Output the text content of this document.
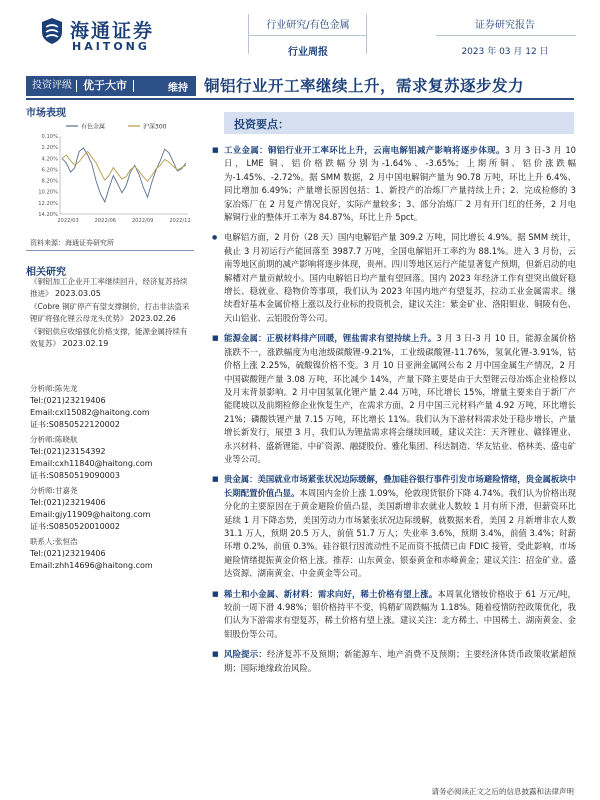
海通证券
HAITONG
行业研究/有色金属
行业周报
证券研究报告
2023 年 03 月 12 日
投资评级	优于大市	维持	铜铝行业开工率继续上升，需求复苏逐步发力
市场表现
有色金属	沪深300
0.10%
2.20%
4.20%
6.20%
8.20%
10.20%
12.20%
14.20%
2022/03	2022/06	2022/09	2022/12
资料来源：海通证券研究所
相关研究
《铜铝加工企业开工率继续回升，经济复苏持续推进》 2023.03.05
《Cobre 铜矿停产有望支撑铜价，打击非法盗采锂矿将强化锂云母龙头优势》 2023.02.26
《铜铝供应收缩强化价格支撑，能源金属持续有效复苏》 2023.02.19
分析师:陈先龙
Tel:(021)23219406
Email:cxl15082@haitong.com
证书:S0850522120002
分析师:陈晓航
Tel:(021)23154392
Email:cxh11840@haitong.com
证书:S0850519090003
分析师:甘嘉尧
Tel:(021)23219406
Email:gjy11909@haitong.com
证书:S0850520010002
联系人:张恒浩
Tel:(021)23219406
Email:zhh14696@haitong.com
投资要点：
■ 工业金属：铜铝行业开工率环比上升，云南电解铝减产影响将逐步体现。3 月 3 日-3 月 10 日，LME 铜、铝价格跌幅分别为-1.64%、-3.65%；上期所铜、铝价涨跌幅为-1.45%、-2.72%。据 SMM 数据，2 月中国电解铜产量为 90.78 万吨，环比上升 6.4%、同比增加 6.49%；产量增长原因包括：1、新投产的冶炼厂产量持续上升；2、完成检修的 3 家冶炼厂在 2 月复产情况良好，实际产量较多；3、部分冶炼厂 2 月有开门红的任务，2 月电解铜行业的整体开工率为 84.87%，环比上升 5pct。
● 电解铝方面，2 月份（28 天）国内电解铝产量 309.2 万吨，同比增长 4.9%。据 SMM 统计，截止 3 月初运行产能回落至 3987.7 万吨，全国电解铝开工率约为 88.1%。进入 3 月份，云南等地区前期的减产影响将逐步体现，贵州、四川等地区运行产能显著复产预期，但新启动的电解槽对产量贡献较小。国内电解铝日均产量有望回落。国内 2023 年经济工作有望突出做好稳增长、稳就业、稳物价等事项，我们认为 2023 年国内地产有望复苏，拉动工业金属需求。继续看好基本金属价格上涨以及行业标的投资机会，建议关注：紫金矿业、洛阳钼业、铜陵有色、天山铝业、云铝股份等公司。
■ 能源金属：正极材料排产回暖，锂盐需求有望持续上升。3 月 3 日-3 月 10 日，能源金属价格涨跌不一，涨跌幅度为电池级碳酸锂-9.21%，工业级碳酸锂-11.76%，氢氧化锂-3.91%，钴价格上涨 2.25%，硫酸镍价格不变。3 月 10 日亚洲金属网公布 2 月中国金属生产情况，2 月中国碳酸锂产量 3.08 万吨，环比减少 14%，产量下降主要是由于大型锂云母冶炼企业检修以及月末背景影响。2 月中国氢氧化锂产量 2.44 万吨，环比增长 15%，增量主要来自于新厂产能爬坡以及前期检修企业恢复生产，在需求方面，2 月中国三元材料产量 4.92 万吨，环比增长 21%；磷酸铁锂产量 7.15 万吨，环比增长 11%。我们认为下游材料需求处于稳步增长，产量增长新发行，展望 3 月，我们认为锂盐需求将会继续回暖，建议关注：天齐锂业、赣锋锂业、永兴材料、盛新锂能、中矿资源、融捷股份、雅化集团、科达制造、华友钴业、格林美、盛屯矿业等公司。
■ 贵金属：美国就业市场紧张状况边际缓解，叠加硅谷银行事件引发市场避险情绪，贵金属板块中长期配置价值凸显。本周国内金价上涨 1.09%，伦敦现货银价下降 4.74%。我们认为价格出现分化的主要原因在于黄金避险价值凸显，美国新增非农就业人数较 1 月有所下滑，但薪资环比延续 1 月下降态势，美国劳动力市场紧张状况边际缓解，就数据来看，美国 2 月新增非农人数 31.1 万人，预期 20.5 万人，前值 51.7 万人；失业率 3.6%，预期 3.4%，前值 3.4%；时薪环增 0.2%，前值 0.3%。硅谷银行因流动性不足而资不抵债已由 FDIC 接管，受此影响，市场避险情绪提振黄金价格上涨。推荐：山东黄金、银泰黄金和赤峰黄金；建议关注：招金矿业、盛达资源、湖南黄金、中金黄金等公司。
■ 稀土和小金属、新材料：需求向好，稀土价格有望上涨。本周氧化镨钕价格收于 61 万元/吨，较前一周下滑 4.98%；钼价格持平不变，钨精矿周跌幅为 1.18%。随着疫情防控政策优化，我们认为下游需求有望复苏，稀土价格有望上涨。建议关注：北方稀土、中国稀土、湖南黄金、金钼股份等公司。
■ 风险提示：经济复苏不及预期；新能源车、地产消费不及预期；主要经济体货币政策收紧超预期；国际地缘政治风险。
请务必阅读正文之后的信息披露和法律声明
